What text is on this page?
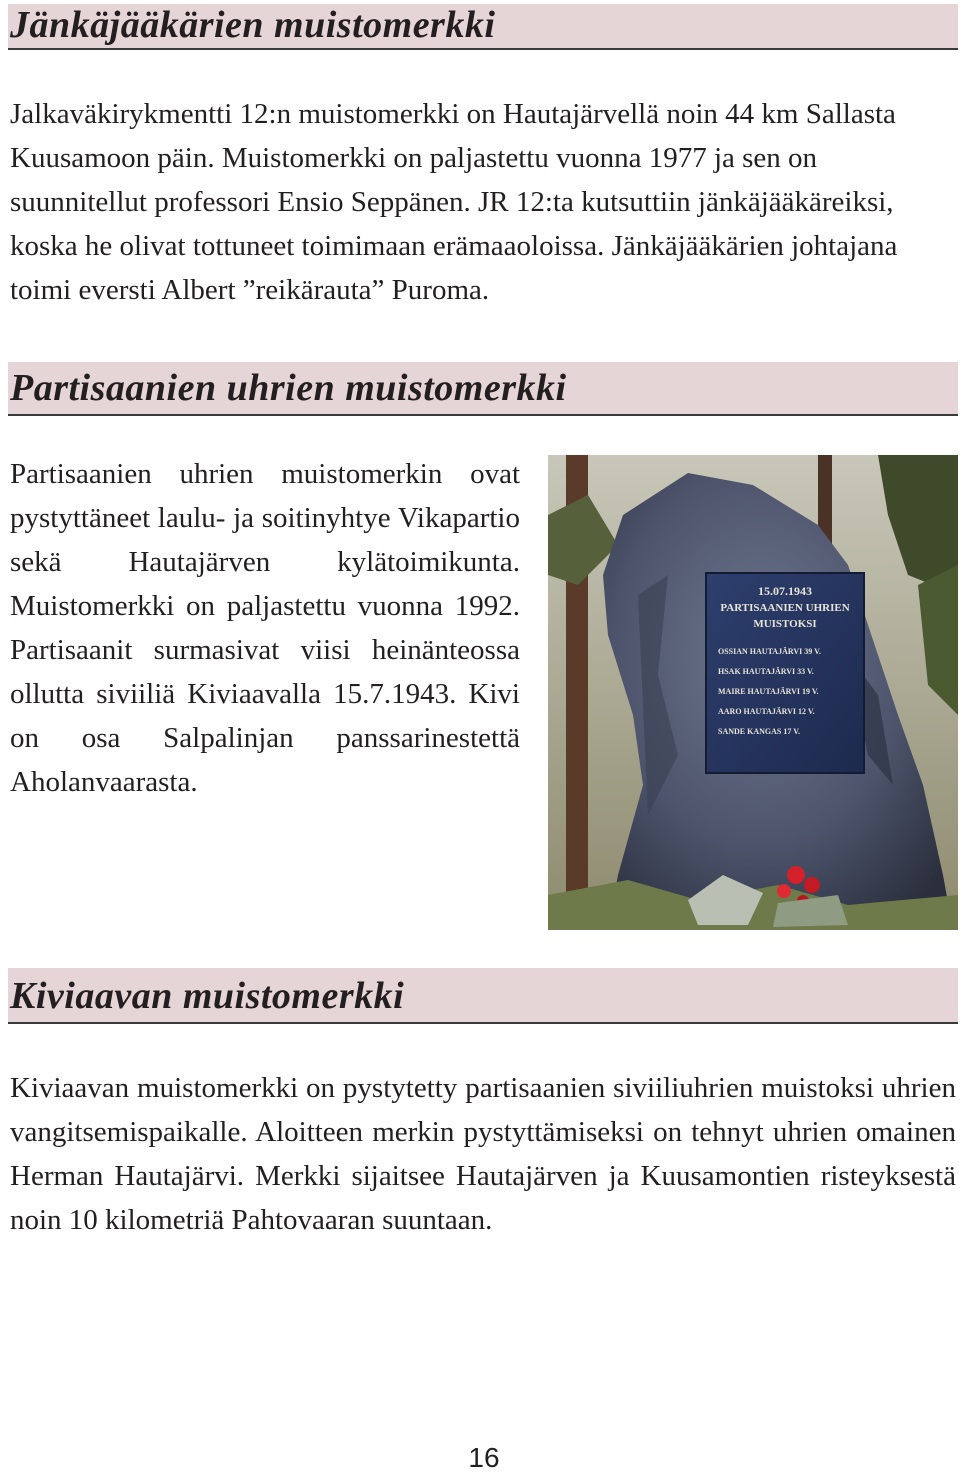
Jänkäjääkärien muistomerkki

Jalkaväkirykmentti 12:n muistomerkki on Hautajärvellä noin 44 km Sallasta Kuusamoon päin. Muistomerkki on paljastettu vuonna 1977 ja sen on suunnitellut professori Ensio Seppänen. JR 12:ta kutsuttiin jänkäjääkäreiksi, koska he olivat tottuneet toimimaan erämaaoloissa. Jänkäjääkärien johtajana toimi eversti Albert ”reikärauta” Puroma.

Partisaanien uhrien muistomerkki

Partisaanien uhrien muistomerkin ovat pystyttäneet laulu- ja soitinyhtye Vikapartio sekä Hautajärven kylätoimikunta. Muistomerkki on paljastettu vuonna 1992. Partisaanit surmasivat viisi heinänteossa ollutta siviiliä Kiviaavalla 15.7.1943. Kivi on osa Salpalinjan panssarinestettä Aholanvaarasta.

15.07.1943
PARTISAANIEN UHRIEN
MUISTOKSI
OSSIAN HAUTAJÄRVI 39 V.
HSAK HAUTAJÄRVI 33 V.
MAIRE HAUTAJÄRVI 19 V.
AARO HAUTAJÄRVI 12 V.
SANDE KANGAS 17 V.
Kiviaavan muistomerkki

Kiviaavan muistomerkki on pystytetty partisaanien siviiliuhrien muistoksi uhrien vangitsemispaikalle. Aloitteen merkin pystyttämiseksi on tehnyt uhrien omainen Herman Hautajärvi. Merkki sijaitsee Hautajärven ja Kuusamontien risteyksestä noin 10 kilometriä Pahtovaaran suuntaan.

16
